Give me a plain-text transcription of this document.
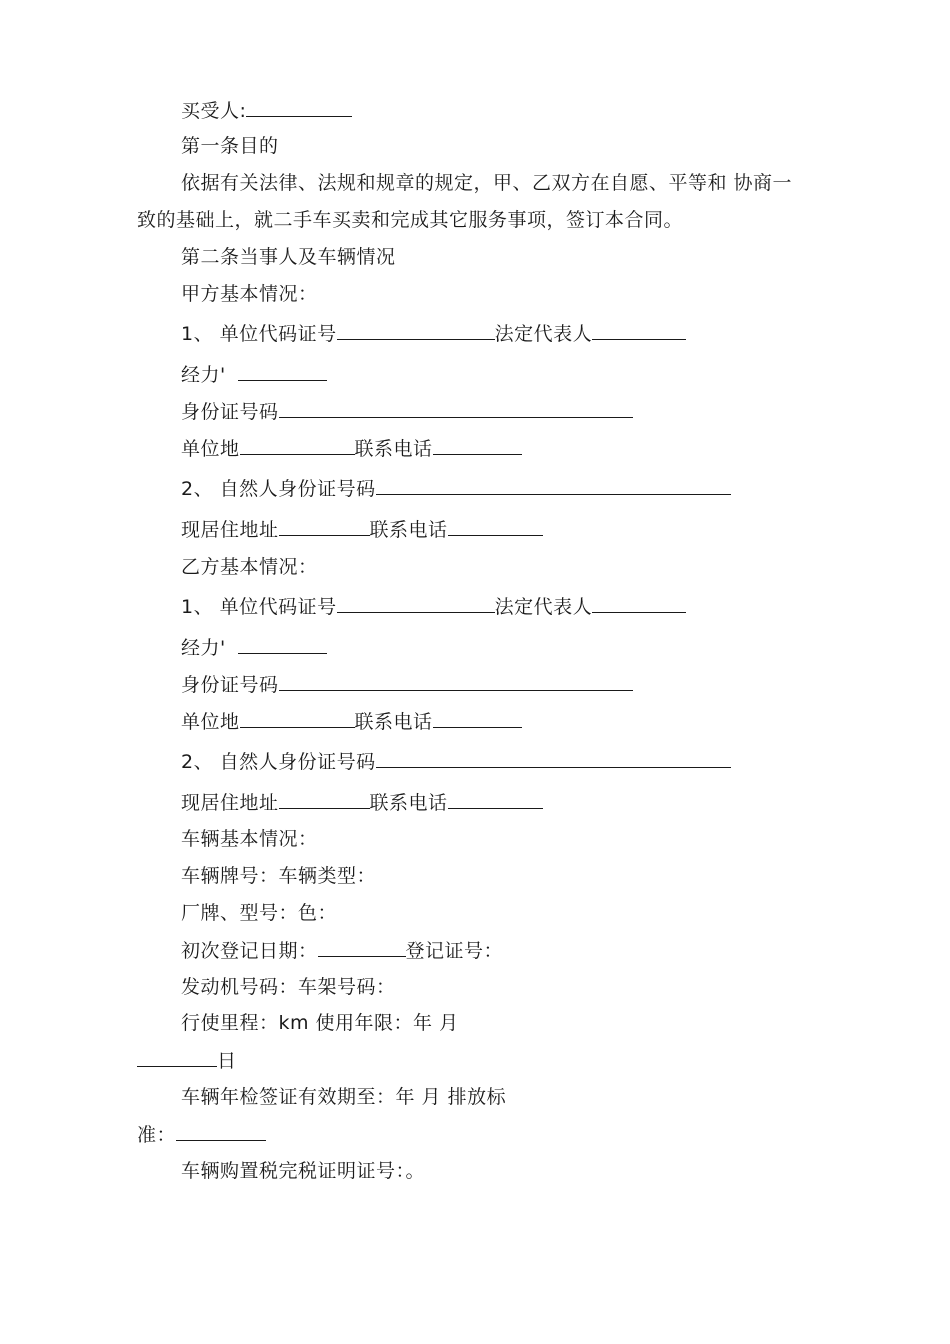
买受人:
第一条目的
依据有关法律、法规和规章的规定，甲、乙双方在自愿、平等和 协商一
致的基础上，就二手车买卖和完成其它服务事项，签订本合同。
第二条当事人及车辆情况
甲方基本情况：
1、 单位代码证号	法定代表人
经力'
身份证号码
单位地	联系电话
2、 自然人身份证号码
现居住地址	联系电话
乙方基本情况：
1、 单位代码证号	法定代表人
经力'
身份证号码
单位地	联系电话
2、 自然人身份证号码
现居住地址	联系电话
车辆基本情况：
车辆牌号：车辆类型：
厂牌、型号：色：
初次登记日期：	登记证号：
发动机号码：车架号码：
行使里程：km 使用年限：年 月
日
车辆年检签证有效期至：年 月 排放标
准：
车辆购置税完税证明证号：。
